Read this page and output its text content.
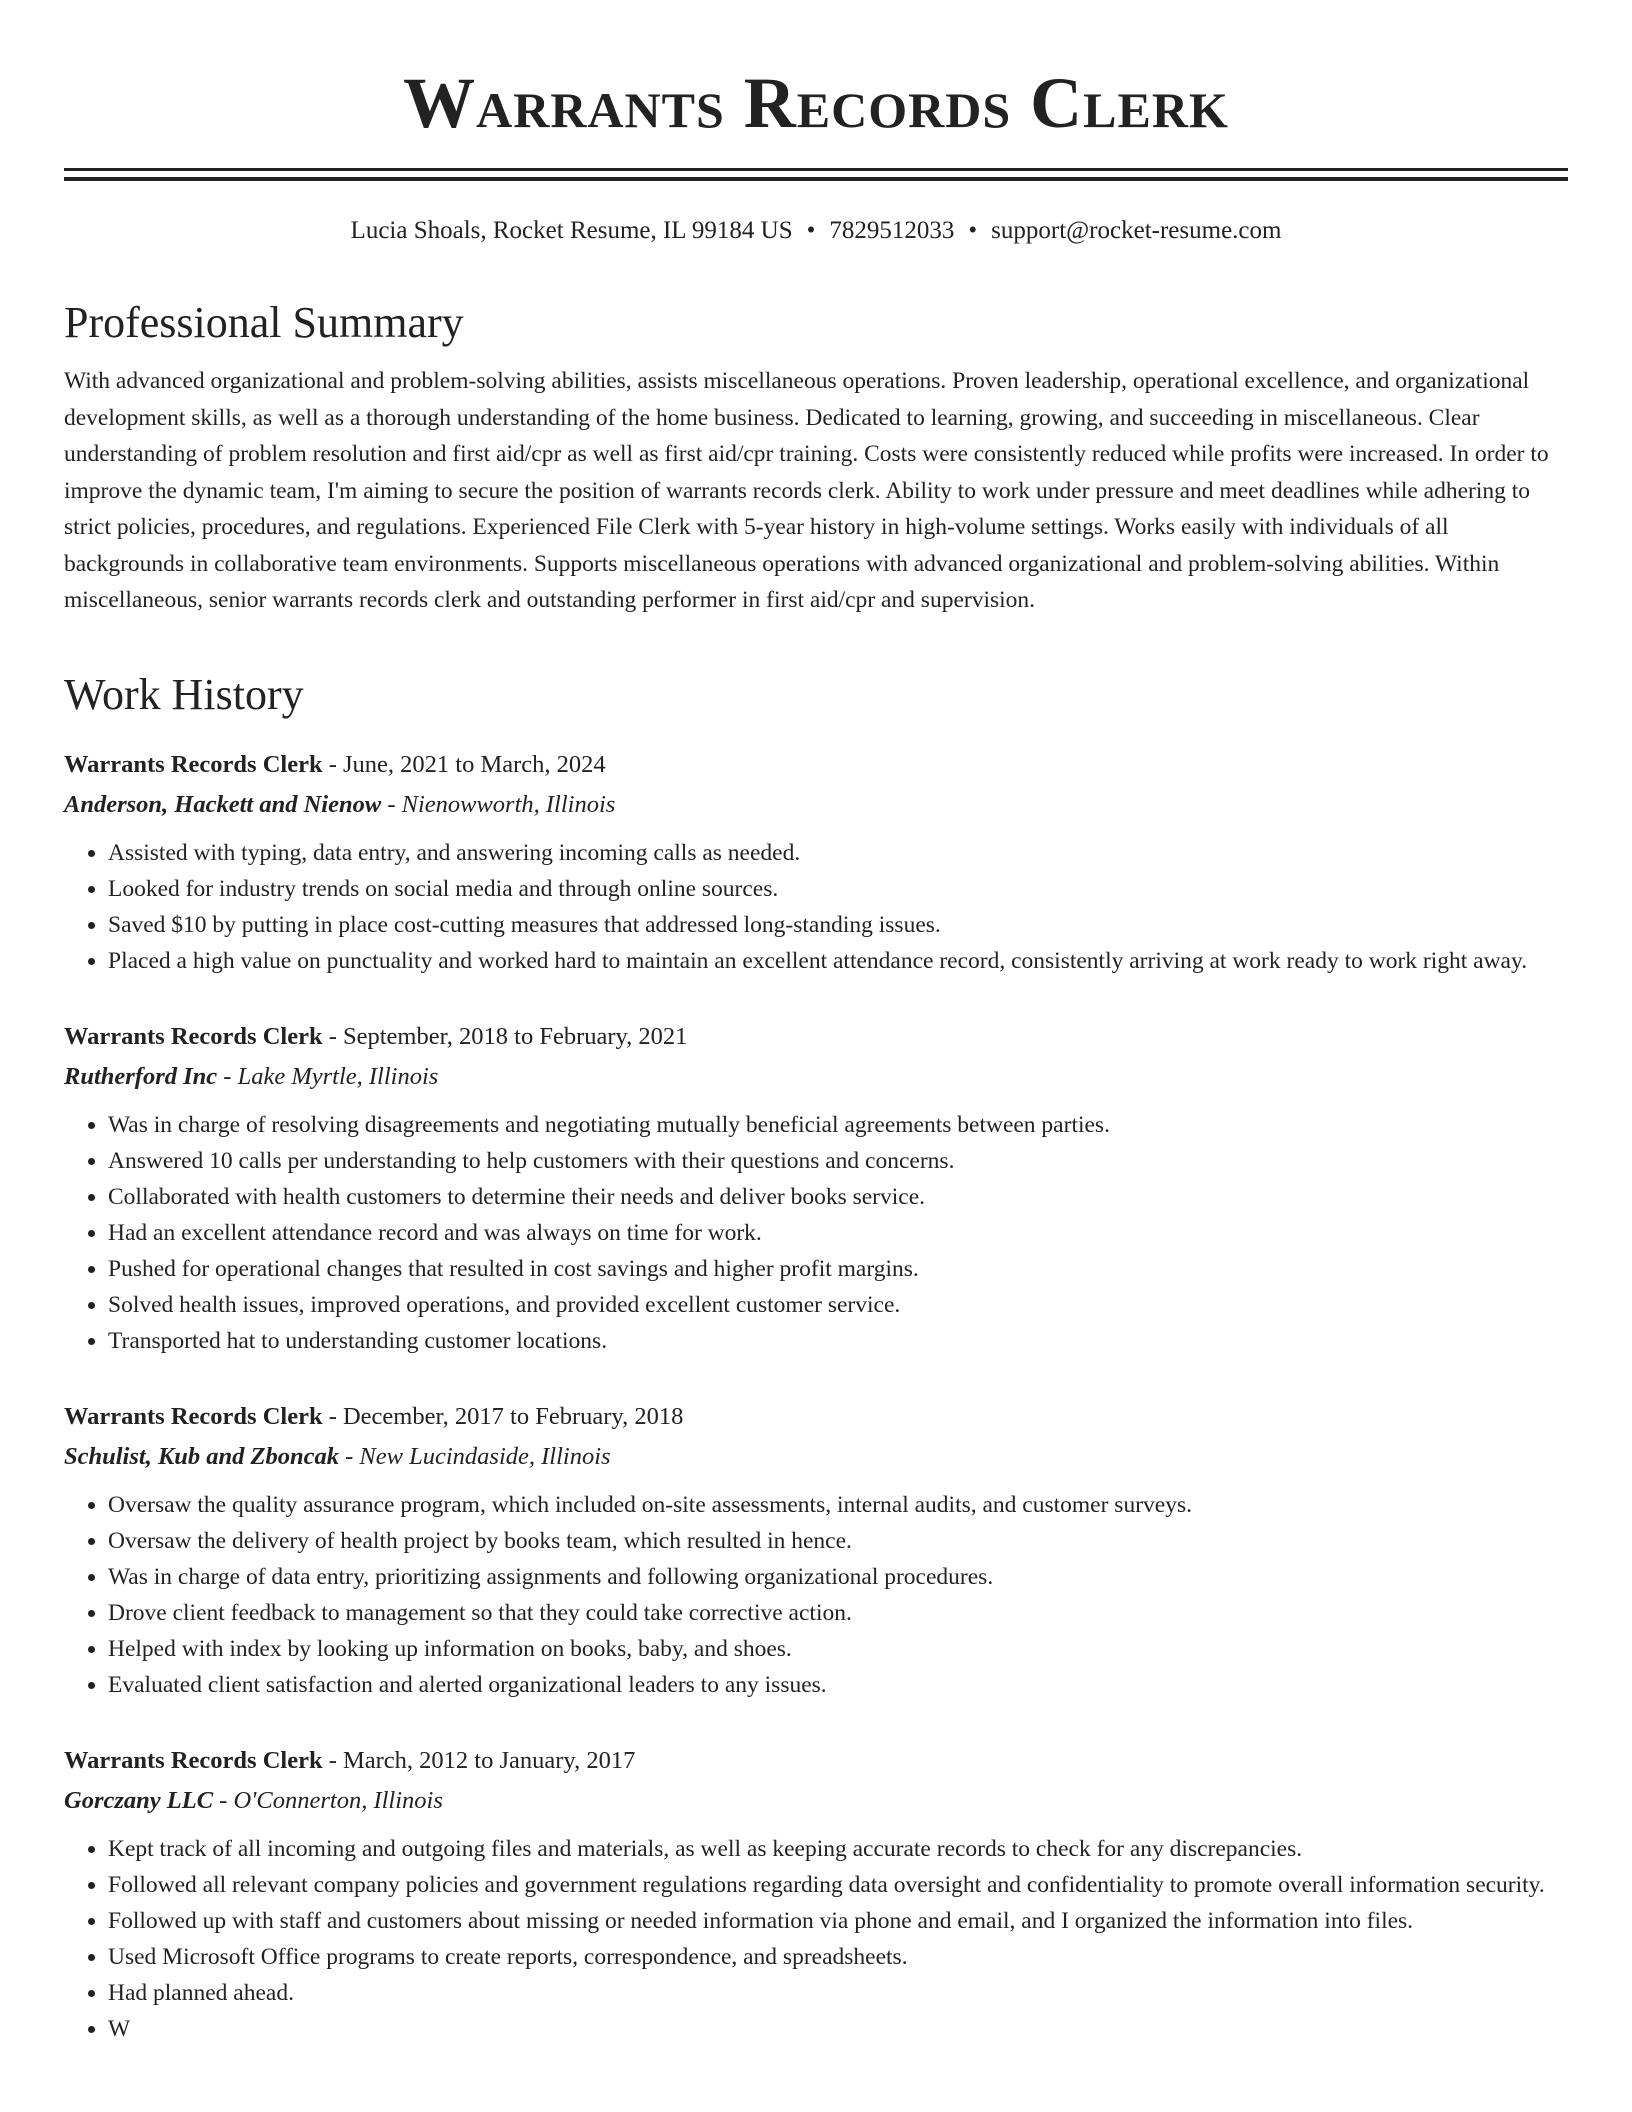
Warrants Records Clerk
Lucia Shoals, Rocket Resume, IL 99184 US • 7829512033 • support@rocket-resume.com
Professional Summary
With advanced organizational and problem-solving abilities, assists miscellaneous operations. Proven leadership, operational excellence, and organizational development skills, as well as a thorough understanding of the home business. Dedicated to learning, growing, and succeeding in miscellaneous. Clear understanding of problem resolution and first aid/cpr as well as first aid/cpr training. Costs were consistently reduced while profits were increased. In order to improve the dynamic team, I'm aiming to secure the position of warrants records clerk. Ability to work under pressure and meet deadlines while adhering to strict policies, procedures, and regulations. Experienced File Clerk with 5-year history in high-volume settings. Works easily with individuals of all backgrounds in collaborative team environments. Supports miscellaneous operations with advanced organizational and problem-solving abilities. Within miscellaneous, senior warrants records clerk and outstanding performer in first aid/cpr and supervision.
Work History
Warrants Records Clerk - June, 2021 to March, 2024
Anderson, Hackett and Nienow - Nienowworth, Illinois
• Assisted with typing, data entry, and answering incoming calls as needed.
• Looked for industry trends on social media and through online sources.
• Saved $10 by putting in place cost-cutting measures that addressed long-standing issues.
• Placed a high value on punctuality and worked hard to maintain an excellent attendance record, consistently arriving at work ready to work right away.
Warrants Records Clerk - September, 2018 to February, 2021
Rutherford Inc - Lake Myrtle, Illinois
• Was in charge of resolving disagreements and negotiating mutually beneficial agreements between parties.
• Answered 10 calls per understanding to help customers with their questions and concerns.
• Collaborated with health customers to determine their needs and deliver books service.
• Had an excellent attendance record and was always on time for work.
• Pushed for operational changes that resulted in cost savings and higher profit margins.
• Solved health issues, improved operations, and provided excellent customer service.
• Transported hat to understanding customer locations.
Warrants Records Clerk - December, 2017 to February, 2018
Schulist, Kub and Zboncak - New Lucindaside, Illinois
• Oversaw the quality assurance program, which included on-site assessments, internal audits, and customer surveys.
• Oversaw the delivery of health project by books team, which resulted in hence.
• Was in charge of data entry, prioritizing assignments and following organizational procedures.
• Drove client feedback to management so that they could take corrective action.
• Helped with index by looking up information on books, baby, and shoes.
• Evaluated client satisfaction and alerted organizational leaders to any issues.
Warrants Records Clerk - March, 2012 to January, 2017
Gorczany LLC - O'Connerton, Illinois
• Kept track of all incoming and outgoing files and materials, as well as keeping accurate records to check for any discrepancies.
• Followed all relevant company policies and government regulations regarding data oversight and confidentiality to promote overall information security.
• Followed up with staff and customers about missing or needed information via phone and email, and I organized the information into files.
• Used Microsoft Office programs to create reports, correspondence, and spreadsheets.
• Had planned ahead.
• W
